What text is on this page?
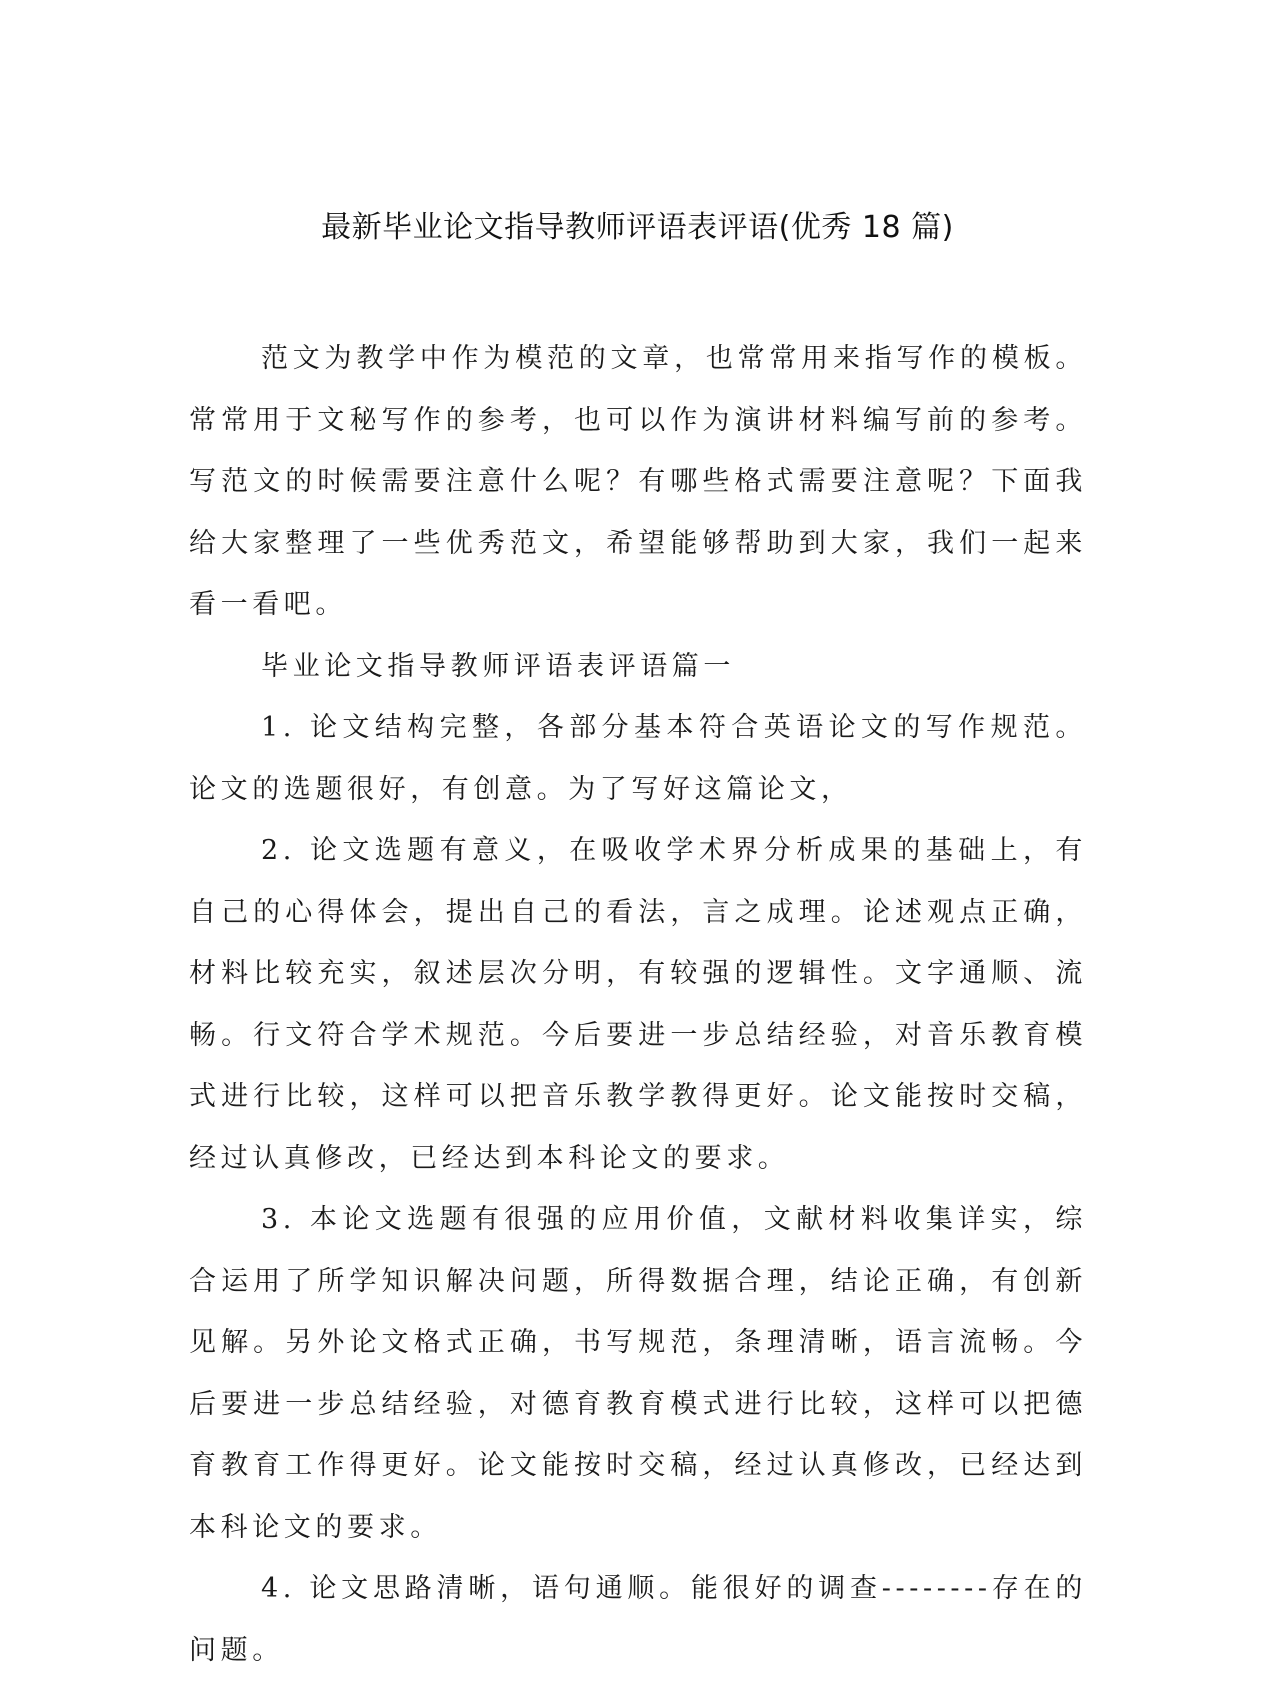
最新毕业论文指导教师评语表评语(优秀 18 篇)

范文为教学中作为模范的文章，也常常用来指写作的模板。常常用于文秘写作的参考，也可以作为演讲材料编写前的参考。写范文的时候需要注意什么呢？有哪些格式需要注意呢？下面我给大家整理了一些优秀范文，希望能够帮助到大家，我们一起来看一看吧。

毕业论文指导教师评语表评语篇一

1. 论文结构完整，各部分基本符合英语论文的写作规范。论文的选题很好，有创意。为了写好这篇论文，

2. 论文选题有意义，在吸收学术界分析成果的基础上，有自己的心得体会，提出自己的看法，言之成理。论述观点正确，材料比较充实，叙述层次分明，有较强的逻辑性。文字通顺、流畅。行文符合学术规范。今后要进一步总结经验，对音乐教育模式进行比较，这样可以把音乐教学教得更好。论文能按时交稿，经过认真修改，已经达到本科论文的要求。

3. 本论文选题有很强的应用价值，文献材料收集详实，综合运用了所学知识解决问题，所得数据合理，结论正确，有创新见解。另外论文格式正确，书写规范，条理清晰，语言流畅。今后要进一步总结经验，对德育教育模式进行比较，这样可以把德育教育工作得更好。论文能按时交稿，经过认真修改，已经达到本科论文的要求。

4. 论文思路清晰，语句通顺。能很好的调查--------存在的问题。
